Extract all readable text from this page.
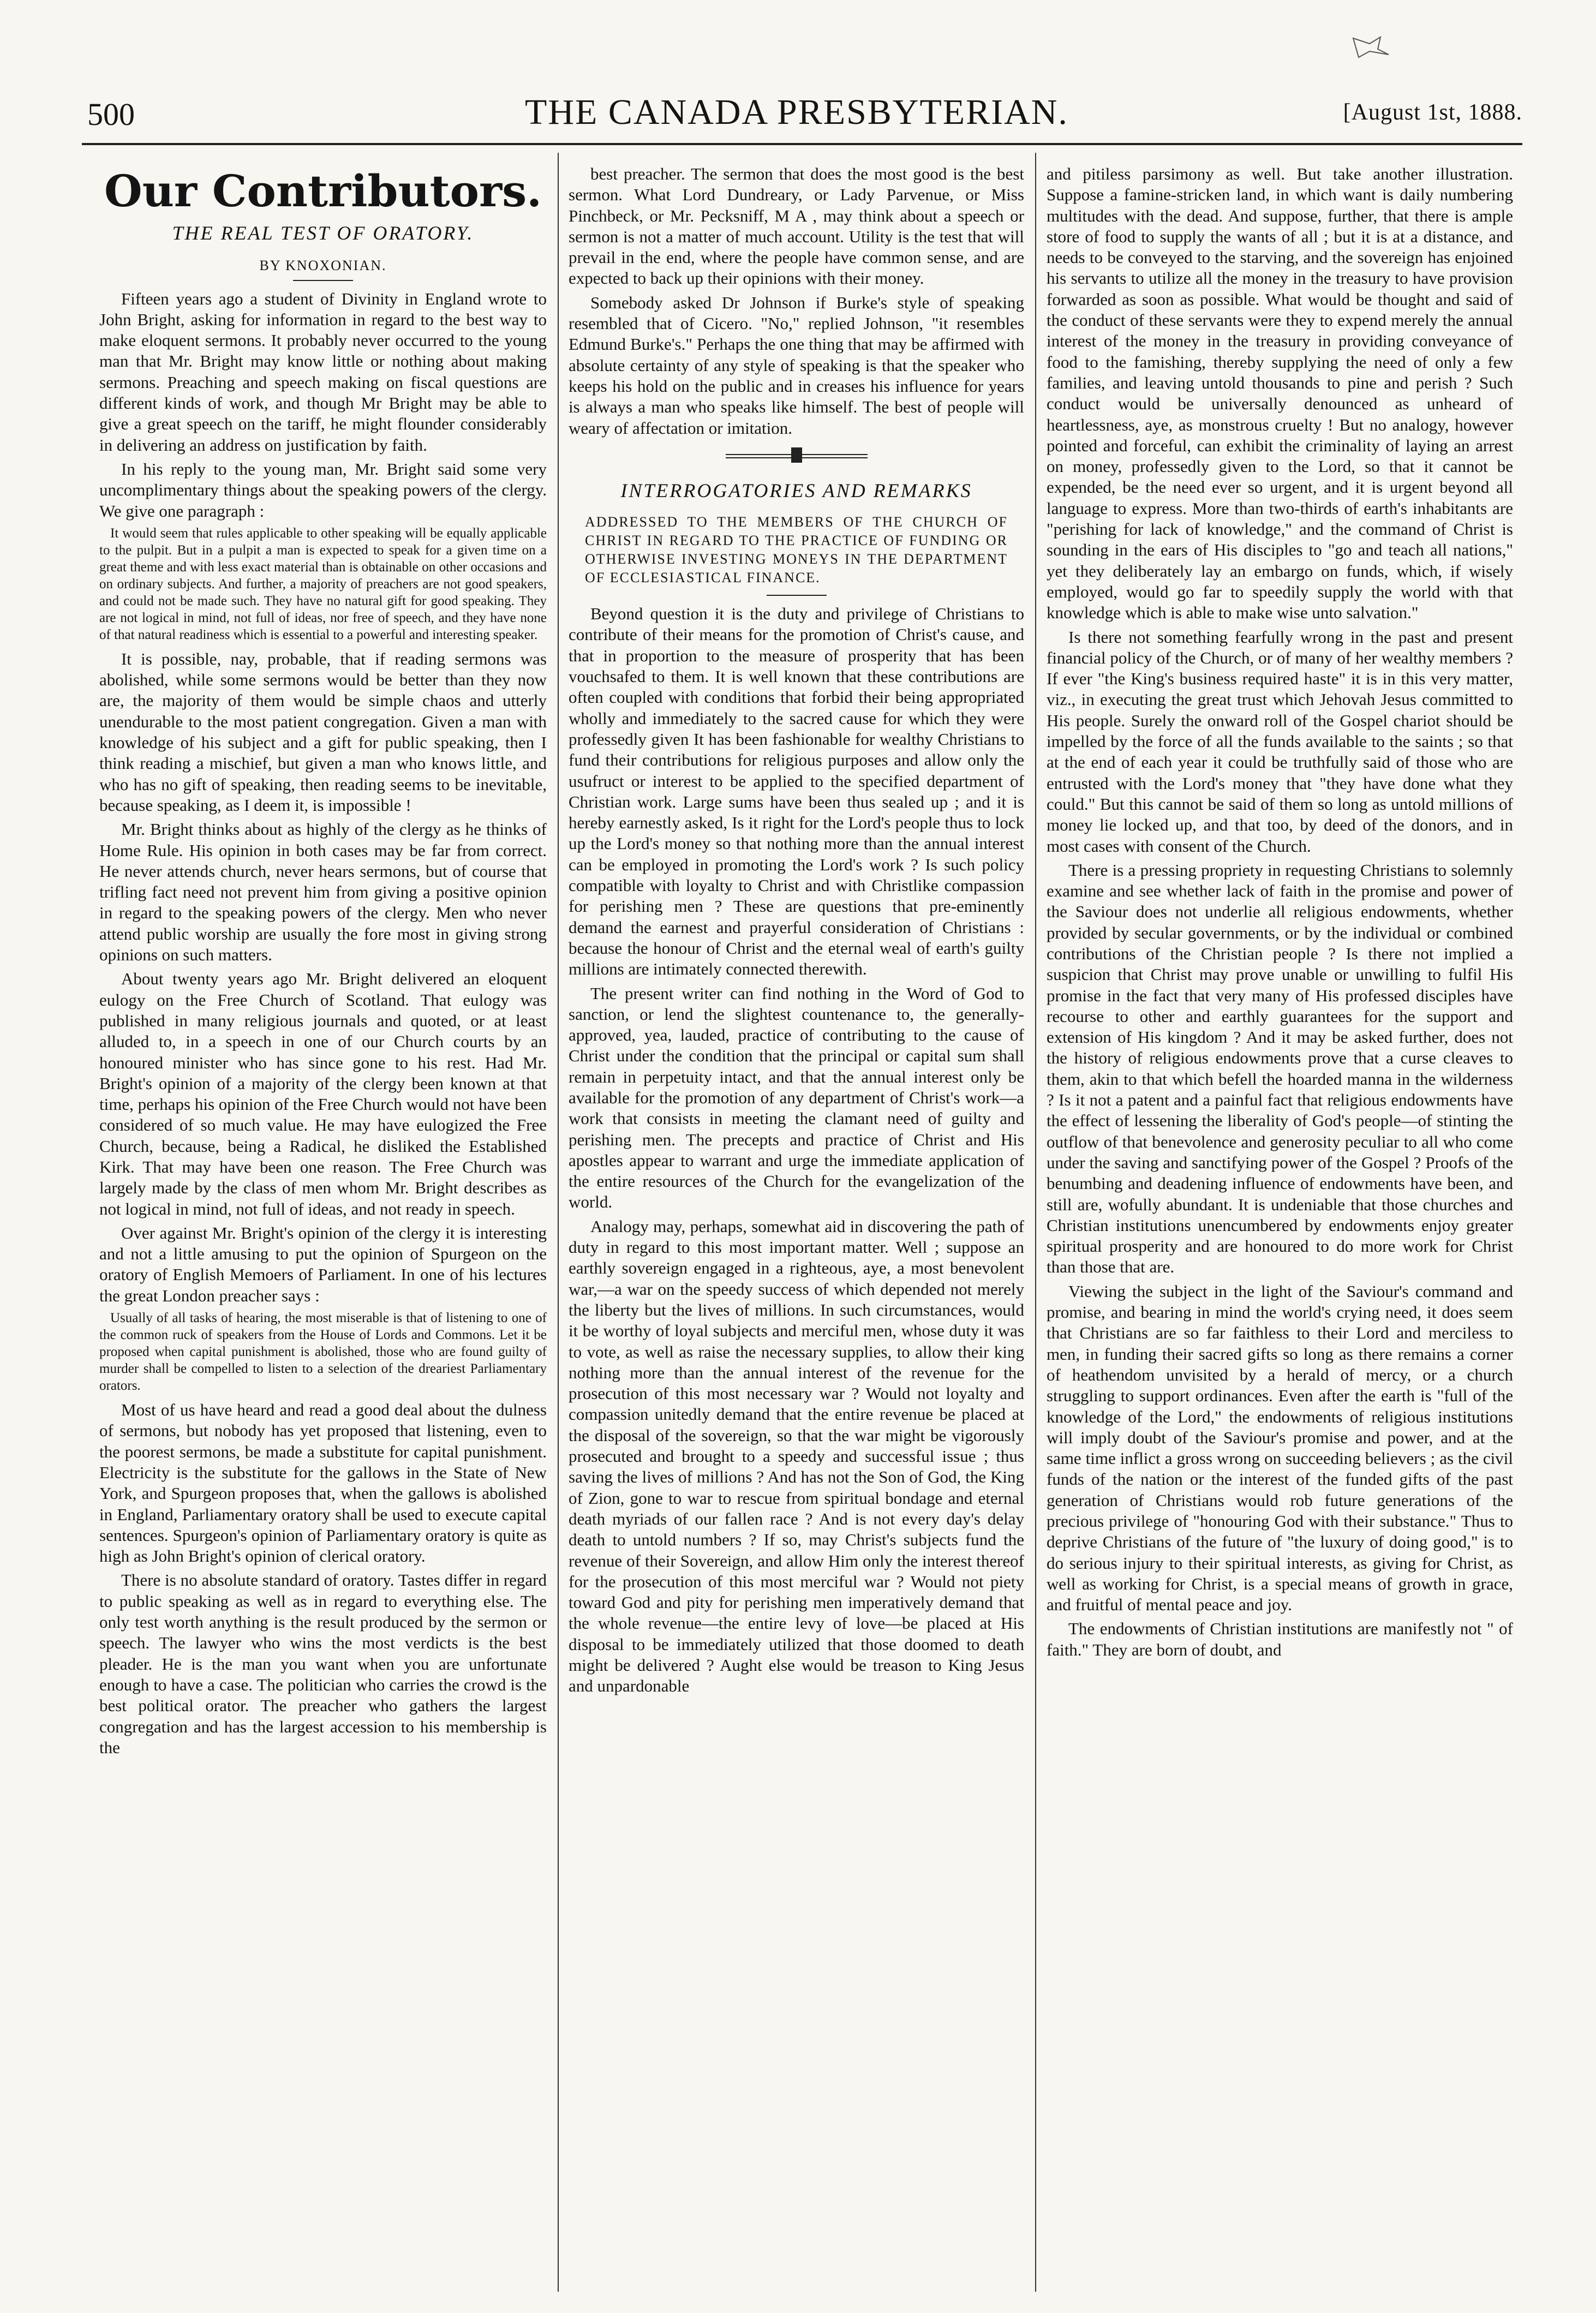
500	THE CANADA PRESBYTERIAN.	[August 1st, 1888.
Our Contributors.
THE REAL TEST OF ORATORY.
BY KNOXONIAN.

Fifteen years ago a student of Divinity in England wrote to John Bright, asking for information in regard to the best way to make eloquent sermons. It probably never occurred to the young man that Mr. Bright may know little or nothing about making sermons. Preaching and speech making on fiscal questions are different kinds of work, and though Mr Bright may be able to give a great speech on the tariff, he might flounder considerably in delivering an address on justification by faith.

In his reply to the young man, Mr. Bright said some very uncomplimentary things about the speaking powers of the clergy. We give one paragraph :

It would seem that rules applicable to other speaking will be equally applicable to the pulpit. But in a pulpit a man is expected to speak for a given time on a great theme and with less exact material than is obtainable on other occasions and on ordinary subjects. And further, a majority of preachers are not good speakers, and could not be made such. They have no natural gift for good speaking. They are not logical in mind, not full of ideas, nor free of speech, and they have none of that natural readiness which is essential to a powerful and interesting speaker.

It is possible, nay, probable, that if reading sermons was abolished, while some sermons would be better than they now are, the majority of them would be simple chaos and utterly unendurable to the most patient congregation. Given a man with knowledge of his subject and a gift for public speaking, then I think reading a mischief, but given a man who knows little, and who has no gift of speaking, then reading seems to be inevitable, because speaking, as I deem it, is impossible !

Mr. Bright thinks about as highly of the clergy as he thinks of Home Rule. His opinion in both cases may be far from correct. He never attends church, never hears sermons, but of course that trifling fact need not prevent him from giving a positive opinion in regard to the speaking powers of the clergy. Men who never attend public worship are usually the fore most in giving strong opinions on such matters.

About twenty years ago Mr. Bright delivered an eloquent eulogy on the Free Church of Scotland. That eulogy was published in many religious journals and quoted, or at least alluded to, in a speech in one of our Church courts by an honoured minister who has since gone to his rest. Had Mr. Bright's opinion of a majority of the clergy been known at that time, perhaps his opinion of the Free Church would not have been considered of so much value. He may have eulogized the Free Church, because, being a Radical, he disliked the Established Kirk. That may have been one reason. The Free Church was largely made by the class of men whom Mr. Bright describes as not logical in mind, not full of ideas, and not ready in speech.

Over against Mr. Bright's opinion of the clergy it is interesting and not a little amusing to put the opinion of Spurgeon on the oratory of English Memoers of Parliament. In one of his lectures the great London preacher says :

Usually of all tasks of hearing, the most miserable is that of listening to one of the common ruck of speakers from the House of Lords and Commons. Let it be proposed when capital punishment is abolished, those who are found guilty of murder shall be compelled to listen to a selection of the dreariest Parliamentary orators.

Most of us have heard and read a good deal about the dulness of sermons, but nobody has yet proposed that listening, even to the poorest sermons, be made a substitute for capital punishment. Electricity is the substitute for the gallows in the State of New York, and Spurgeon proposes that, when the gallows is abolished in England, Parliamentary oratory shall be used to execute capital sentences. Spurgeon's opinion of Parliamentary oratory is quite as high as John Bright's opinion of clerical oratory.

There is no absolute standard of oratory. Tastes differ in regard to public speaking as well as in regard to everything else. The only test worth anything is the result produced by the sermon or speech. The lawyer who wins the most verdicts is the best pleader. He is the man you want when you are unfortunate enough to have a case. The politician who carries the crowd is the best political orator. The preacher who gathers the largest congregation and has the largest accession to his membership is the

best preacher. The sermon that does the most good is the best sermon. What Lord Dundreary, or Lady Parvenue, or Miss Pinchbeck, or Mr. Pecksniff, M A , may think about a speech or sermon is not a matter of much account. Utility is the test that will prevail in the end, where the people have common sense, and are expected to back up their opinions with their money.

Somebody asked Dr Johnson if Burke's style of speaking resembled that of Cicero. "No," replied Johnson, "it resembles Edmund Burke's." Perhaps the one thing that may be affirmed with absolute certainty of any style of speaking is that the speaker who keeps his hold on the public and in creases his influence for years is always a man who speaks like himself. The best of people will weary of affectation or imitation.

INTERROGATORIES AND REMARKS
ADDRESSED TO THE MEMBERS OF THE CHURCH OF CHRIST IN REGARD TO THE PRACTICE OF FUNDING OR OTHERWISE INVESTING MONEYS IN THE DEPARTMENT OF ECCLESIASTICAL FINANCE.

Beyond question it is the duty and privilege of Christians to contribute of their means for the promotion of Christ's cause, and that in proportion to the measure of prosperity that has been vouchsafed to them. It is well known that these contributions are often coupled with conditions that forbid their being appropriated wholly and immediately to the sacred cause for which they were professedly given It has been fashionable for wealthy Christians to fund their contributions for religious purposes and allow only the usufruct or interest to be applied to the specified department of Christian work. Large sums have been thus sealed up ; and it is hereby earnestly asked, Is it right for the Lord's people thus to lock up the Lord's money so that nothing more than the annual interest can be employed in promoting the Lord's work ? Is such policy compatible with loyalty to Christ and with Christlike compassion for perishing men ? These are questions that pre-eminently demand the earnest and prayerful consideration of Christians : because the honour of Christ and the eternal weal of earth's guilty millions are intimately connected therewith.

The present writer can find nothing in the Word of God to sanction, or lend the slightest countenance to, the generally-approved, yea, lauded, practice of contributing to the cause of Christ under the condition that the principal or capital sum shall remain in perpetuity intact, and that the annual interest only be available for the promotion of any department of Christ's work—a work that consists in meeting the clamant need of guilty and perishing men. The precepts and practice of Christ and His apostles appear to warrant and urge the immediate application of the entire resources of the Church for the evangelization of the world.

Analogy may, perhaps, somewhat aid in discovering the path of duty in regard to this most important matter. Well ; suppose an earthly sovereign engaged in a righteous, aye, a most benevolent war,—a war on the speedy success of which depended not merely the liberty but the lives of millions. In such circumstances, would it be worthy of loyal subjects and merciful men, whose duty it was to vote, as well as raise the necessary supplies, to allow their king nothing more than the annual interest of the revenue for the prosecution of this most necessary war ? Would not loyalty and compassion unitedly demand that the entire revenue be placed at the disposal of the sovereign, so that the war might be vigorously prosecuted and brought to a speedy and successful issue ; thus saving the lives of millions ? And has not the Son of God, the King of Zion, gone to war to rescue from spiritual bondage and eternal death myriads of our fallen race ? And is not every day's delay death to untold numbers ? If so, may Christ's subjects fund the revenue of their Sovereign, and allow Him only the interest thereof for the prosecution of this most merciful war ? Would not piety toward God and pity for perishing men imperatively demand that the whole revenue—the entire levy of love—be placed at His disposal to be immediately utilized that those doomed to death might be delivered ? Aught else would be treason to King Jesus and unpardonable

and pitiless parsimony as well. But take another illustration. Suppose a famine-stricken land, in which want is daily numbering multitudes with the dead. And suppose, further, that there is ample store of food to supply the wants of all ; but it is at a distance, and needs to be conveyed to the starving, and the sovereign has enjoined his servants to utilize all the money in the treasury to have provision forwarded as soon as possible. What would be thought and said of the conduct of these servants were they to expend merely the annual interest of the money in the treasury in providing conveyance of food to the famishing, thereby supplying the need of only a few families, and leaving untold thousands to pine and perish ? Such conduct would be universally denounced as unheard of heartlessness, aye, as monstrous cruelty ! But no analogy, however pointed and forceful, can exhibit the criminality of laying an arrest on money, professedly given to the Lord, so that it cannot be expended, be the need ever so urgent, and it is urgent beyond all language to express. More than two-thirds of earth's inhabitants are "perishing for lack of knowledge," and the command of Christ is sounding in the ears of His disciples to "go and teach all nations," yet they deliberately lay an embargo on funds, which, if wisely employed, would go far to speedily supply the world with that knowledge which is able to make wise unto salvation."

Is there not something fearfully wrong in the past and present financial policy of the Church, or of many of her wealthy members ? If ever "the King's business required haste" it is in this very matter, viz., in executing the great trust which Jehovah Jesus committed to His people. Surely the onward roll of the Gospel chariot should be impelled by the force of all the funds available to the saints ; so that at the end of each year it could be truthfully said of those who are entrusted with the Lord's money that "they have done what they could." But this cannot be said of them so long as untold millions of money lie locked up, and that too, by deed of the donors, and in most cases with consent of the Church.

There is a pressing propriety in requesting Christians to solemnly examine and see whether lack of faith in the promise and power of the Saviour does not underlie all religious endowments, whether provided by secular governments, or by the individual or combined contributions of the Christian people ? Is there not implied a suspicion that Christ may prove unable or unwilling to fulfil His promise in the fact that very many of His professed disciples have recourse to other and earthly guarantees for the support and extension of His kingdom ? And it may be asked further, does not the history of religious endowments prove that a curse cleaves to them, akin to that which befell the hoarded manna in the wilderness ? Is it not a patent and a painful fact that religious endowments have the effect of lessening the liberality of God's people—of stinting the outflow of that benevolence and generosity peculiar to all who come under the saving and sanctifying power of the Gospel ? Proofs of the benumbing and deadening influence of endowments have been, and still are, wofully abundant. It is undeniable that those churches and Christian institutions unencumbered by endowments enjoy greater spiritual prosperity and are honoured to do more work for Christ than those that are.

Viewing the subject in the light of the Saviour's command and promise, and bearing in mind the world's crying need, it does seem that Christians are so far faithless to their Lord and merciless to men, in funding their sacred gifts so long as there remains a corner of heathendom unvisited by a herald of mercy, or a church struggling to support ordinances. Even after the earth is "full of the knowledge of the Lord," the endowments of religious institutions will imply doubt of the Saviour's promise and power, and at the same time inflict a gross wrong on succeeding believers ; as the civil funds of the nation or the interest of the funded gifts of the past generation of Christians would rob future generations of the precious privilege of "honouring God with their substance." Thus to deprive Christians of the future of "the luxury of doing good," is to do serious injury to their spiritual interests, as giving for Christ, as well as working for Christ, is a special means of growth in grace, and fruitful of mental peace and joy.

The endowments of Christian institutions are manifestly not " of faith." They are born of doubt, and
